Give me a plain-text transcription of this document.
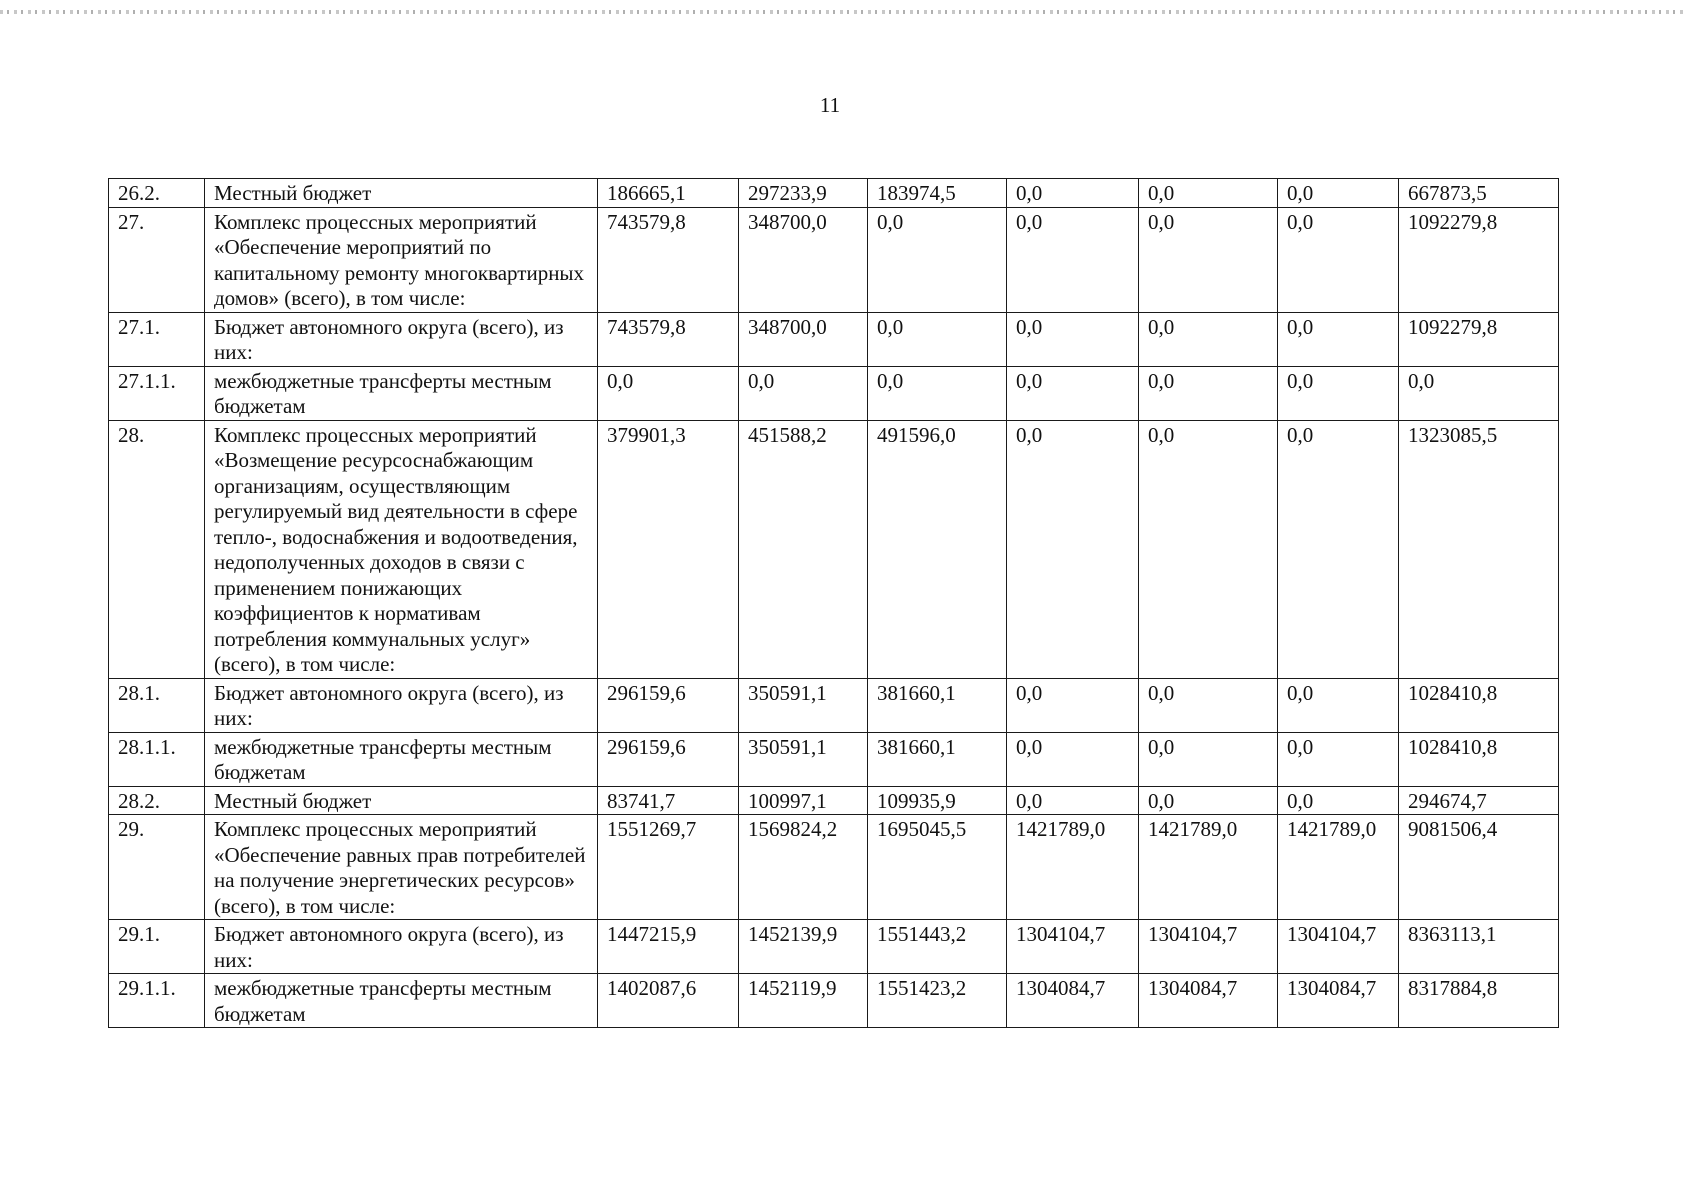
11
26.2.	Местный бюджет	186665,1	297233,9	183974,5	0,0	0,0	0,0	667873,5
27.	Комплекс процессных мероприятий «Обеспечение мероприятий по капитальному ремонту многоквартирных домов» (всего), в том числе:	743579,8	348700,0	0,0	0,0	0,0	0,0	1092279,8
27.1.	Бюджет автономного округа (всего), из них:	743579,8	348700,0	0,0	0,0	0,0	0,0	1092279,8
27.1.1.	межбюджетные трансферты местным бюджетам	0,0	0,0	0,0	0,0	0,0	0,0	0,0
28.	Комплекс процессных мероприятий «Возмещение ресурсоснабжающим организациям, осуществляющим регулируемый вид деятельности в сфере тепло-, водоснабжения и водоотведения, недополученных доходов в связи с применением понижающих коэффициентов к нормативам потребления коммунальных услуг» (всего), в том числе:	379901,3	451588,2	491596,0	0,0	0,0	0,0	1323085,5
28.1.	Бюджет автономного округа (всего), из них:	296159,6	350591,1	381660,1	0,0	0,0	0,0	1028410,8
28.1.1.	межбюджетные трансферты местным бюджетам	296159,6	350591,1	381660,1	0,0	0,0	0,0	1028410,8
28.2.	Местный бюджет	83741,7	100997,1	109935,9	0,0	0,0	0,0	294674,7
29.	Комплекс процессных мероприятий «Обеспечение равных прав потребителей на получение энергетических ресурсов» (всего), в том числе:	1551269,7	1569824,2	1695045,5	1421789,0	1421789,0	1421789,0	9081506,4
29.1.	Бюджет автономного округа (всего), из них:	1447215,9	1452139,9	1551443,2	1304104,7	1304104,7	1304104,7	8363113,1
29.1.1.	межбюджетные трансферты местным бюджетам	1402087,6	1452119,9	1551423,2	1304084,7	1304084,7	1304084,7	8317884,8
